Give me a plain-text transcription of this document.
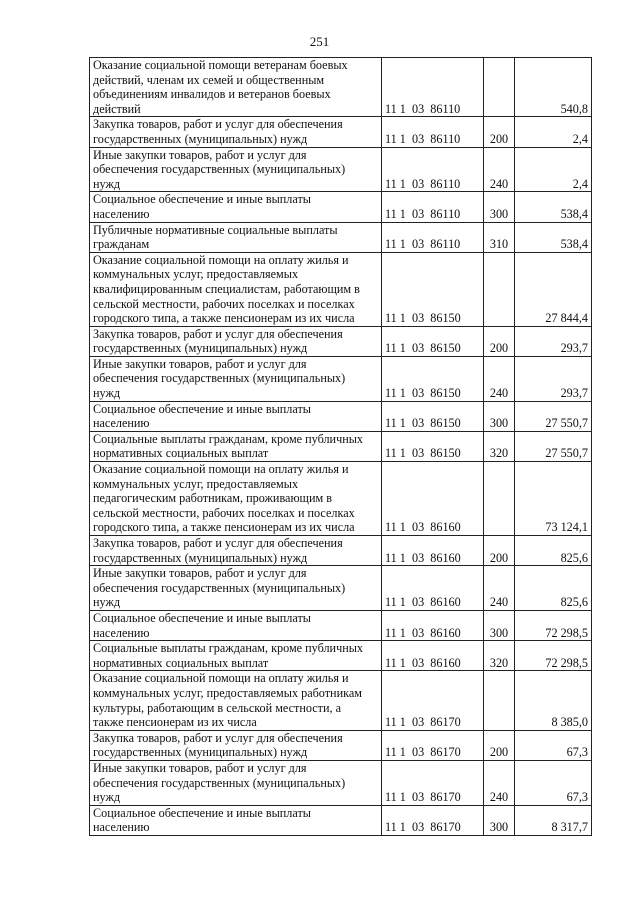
251
Оказание социальной помощи ветеранам боевых
действий, членам их семей и общественным
объединениям инвалидов и ветеранов боевых
действий	11 1  03  86110		540,8

Закупка товаров, работ и услуг для обеспечения
государственных (муниципальных) нужд	11 1  03  86110	200	2,4

Иные закупки товаров, работ и услуг для
обеспечения государственных (муниципальных)
нужд	11 1  03  86110	240	2,4

Социальное обеспечение и иные выплаты
населению	11 1  03  86110	300	538,4

Публичные нормативные социальные выплаты
гражданам	11 1  03  86110	310	538,4

Оказание социальной помощи на оплату жилья и
коммунальных услуг, предоставляемых
квалифицированным специалистам, работающим в
сельской местности, рабочих поселках и поселках
городского типа, а также пенсионерам из их числа	11 1  03  86150		27 844,4

Закупка товаров, работ и услуг для обеспечения
государственных (муниципальных) нужд	11 1  03  86150	200	293,7

Иные закупки товаров, работ и услуг для
обеспечения государственных (муниципальных)
нужд	11 1  03  86150	240	293,7

Социальное обеспечение и иные выплаты
населению	11 1  03  86150	300	27 550,7

Социальные выплаты гражданам, кроме публичных
нормативных социальных выплат	11 1  03  86150	320	27 550,7

Оказание социальной помощи на оплату жилья и
коммунальных услуг, предоставляемых
педагогическим работникам, проживающим в
сельской местности, рабочих поселках и поселках
городского типа, а также пенсионерам из их числа	11 1  03  86160		73 124,1

Закупка товаров, работ и услуг для обеспечения
государственных (муниципальных) нужд	11 1  03  86160	200	825,6

Иные закупки товаров, работ и услуг для
обеспечения государственных (муниципальных)
нужд	11 1  03  86160	240	825,6

Социальное обеспечение и иные выплаты
населению	11 1  03  86160	300	72 298,5

Социальные выплаты гражданам, кроме публичных
нормативных социальных выплат	11 1  03  86160	320	72 298,5

Оказание социальной помощи на оплату жилья и
коммунальных услуг, предоставляемых работникам
культуры, работающим в сельской местности, а
также пенсионерам из их числа	11 1  03  86170		8 385,0

Закупка товаров, работ и услуг для обеспечения
государственных (муниципальных) нужд	11 1  03  86170	200	67,3

Иные закупки товаров, работ и услуг для
обеспечения государственных (муниципальных)
нужд	11 1  03  86170	240	67,3

Социальное обеспечение и иные выплаты
населению	11 1  03  86170	300	8 317,7
